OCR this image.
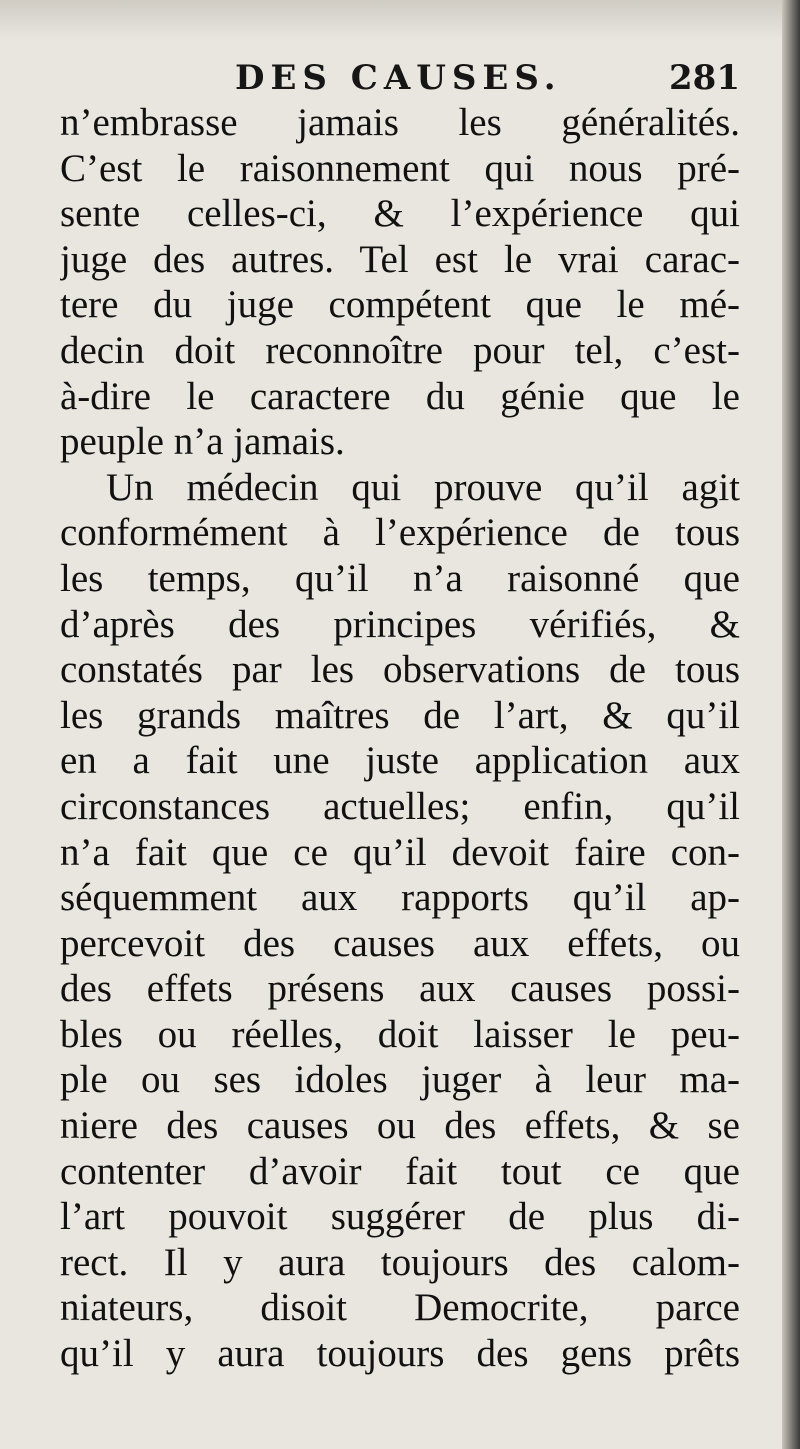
DES CAUSES.	281
n’embrasse jamais les généralités.
C’est le raisonnement qui nous pré-
sente celles-ci, & l’expérience qui
juge des autres. Tel est le vrai carac-
tere du juge compétent que le mé-
decin doit reconnoître pour tel, c’est-
à-dire le caractere du génie que le
peuple n’a jamais.
Un médecin qui prouve qu’il agit
conformément à l’expérience de tous
les temps, qu’il n’a raisonné que
d’après des principes vérifiés, &
constatés par les observations de tous
les grands maîtres de l’art, & qu’il
en a fait une juste application aux
circonstances actuelles; enfin, qu’il
n’a fait que ce qu’il devoit faire con-
séquemment aux rapports qu’il ap-
percevoit des causes aux effets, ou
des effets présens aux causes possi-
bles ou réelles, doit laisser le peu-
ple ou ses idoles juger à leur ma-
niere des causes ou des effets, & se
contenter d’avoir fait tout ce que
l’art pouvoit suggérer de plus di-
rect. Il y aura toujours des calom-
niateurs, disoit Democrite, parce
qu’il y aura toujours des gens prêts
